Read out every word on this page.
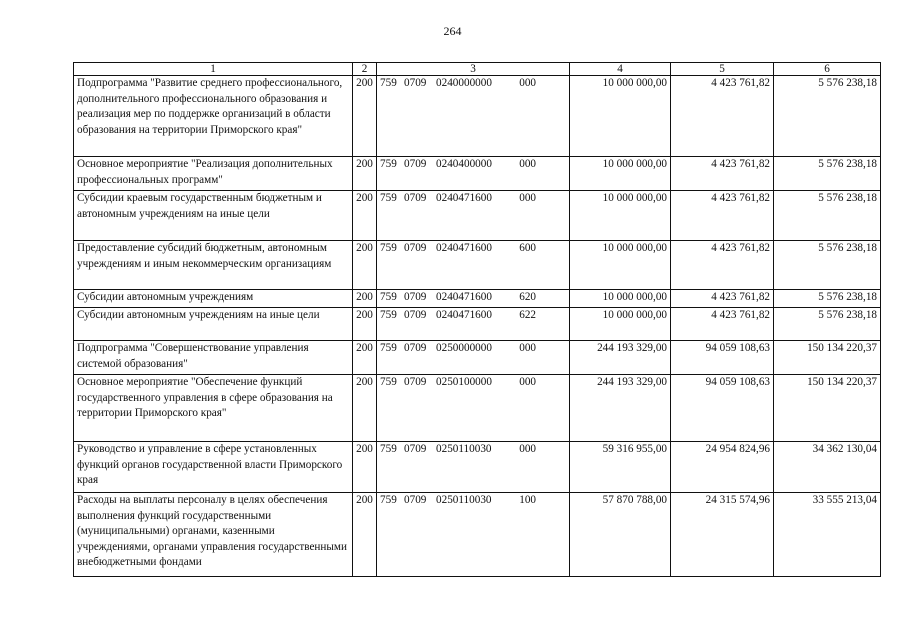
264
1	2	3	4	5	6
Подпрограмма "Развитие среднего профессионального, дополнительного профессионального образования и реализация мер по поддержке организаций в области образования на территории Приморского края"	200	759 0709 0240000000 000	10 000 000,00	4 423 761,82	5 576 238,18
Основное мероприятие "Реализация дополнительных профессиональных программ"	200	759 0709 0240400000 000	10 000 000,00	4 423 761,82	5 576 238,18
Субсидии краевым государственным бюджетным и автономным учреждениям на иные цели	200	759 0709 0240471600 000	10 000 000,00	4 423 761,82	5 576 238,18
Предоставление субсидий бюджетным, автономным учреждениям и иным некоммерческим организациям	200	759 0709 0240471600 600	10 000 000,00	4 423 761,82	5 576 238,18
Субсидии автономным учреждениям	200	759 0709 0240471600 620	10 000 000,00	4 423 761,82	5 576 238,18
Субсидии автономным учреждениям на иные цели	200	759 0709 0240471600 622	10 000 000,00	4 423 761,82	5 576 238,18
Подпрограмма "Совершенствование управления системой образования"	200	759 0709 0250000000 000	244 193 329,00	94 059 108,63	150 134 220,37
Основное мероприятие "Обеспечение функций государственного управления в сфере образования на территории Приморского края"	200	759 0709 0250100000 000	244 193 329,00	94 059 108,63	150 134 220,37
Руководство и управление в сфере установленных функций органов государственной власти Приморского края	200	759 0709 0250110030 000	59 316 955,00	24 954 824,96	34 362 130,04
Расходы на выплаты персоналу в целях обеспечения выполнения функций государственными (муниципальными) органами, казенными учреждениями, органами управления государственными внебюджетными фондами	200	759 0709 0250110030 100	57 870 788,00	24 315 574,96	33 555 213,04
